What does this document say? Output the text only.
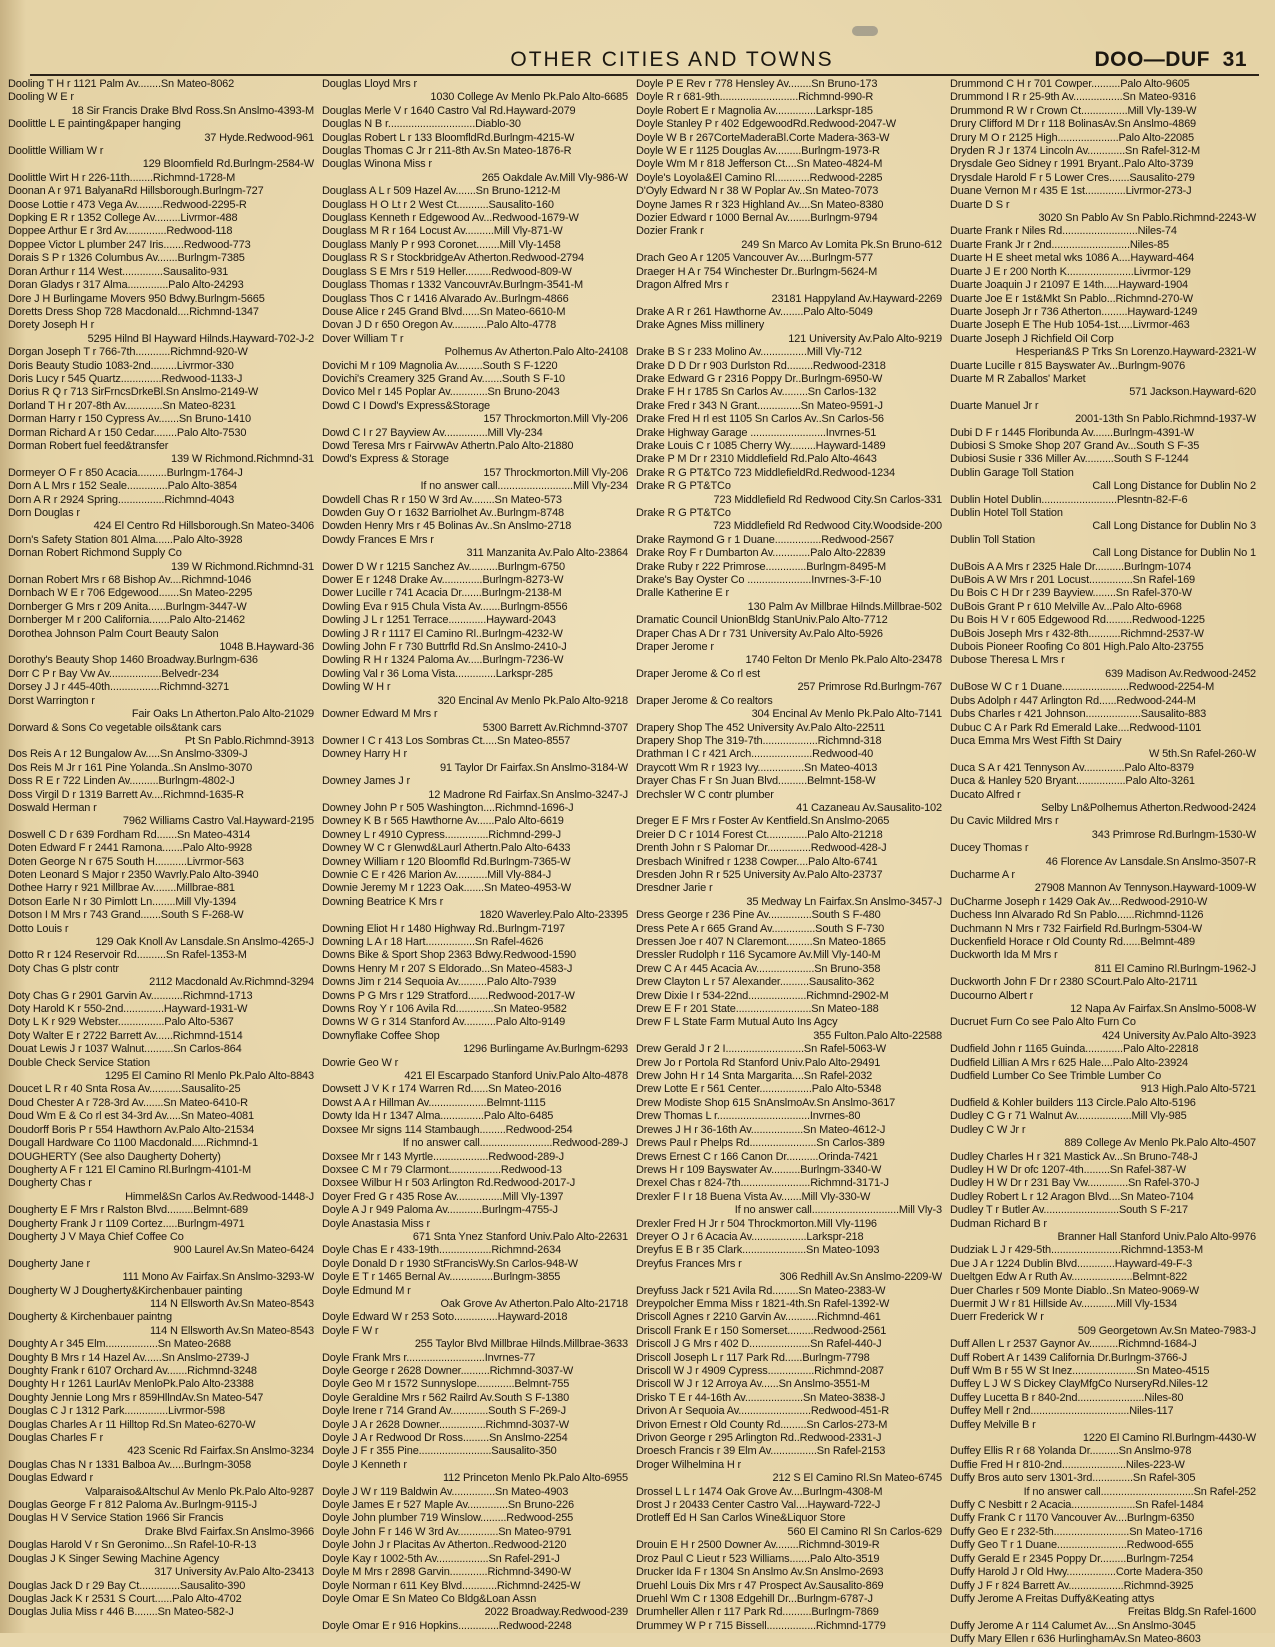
OTHER CITIES AND TOWNS	DOO—DUF 31
Dooling T H r 1121 Palm Av........Sn Mateo-8062
Dooling W E r
18 Sir Francis Drake Blvd Ross.Sn Anslmo-4393-M
Doolittle L E painting&paper hanging
37 Hyde.Redwood-961
Doolittle William W r
129 Bloomfield Rd.Burlngm-2584-W
Doolittle Wirt H r 226-11th........Richmnd-1728-M
Doonan A r 971 BalyanaRd Hillsborough.Burlngm-727
Doose Lottie r 473 Vega Av.........Redwood-2295-R
Dopking E R r 1352 College Av.........Livrmor-488
Doppee Arthur E r 3rd Av..............Redwood-118
Doppee Victor L plumber 247 Iris.......Redwood-773
Dorais S P r 1326 Columbus Av.......Burlngm-7385
Doran Arthur r 114 West..............Sausalito-931
Doran Gladys r 317 Alma..............Palo Alto-24293
Dore J H Burlingame Movers 950 Bdwy.Burlngm-5665
Doretts Dress Shop 728 Macdonald....Richmnd-1347
Dorety Joseph H r
5295 Hilnd Bl Hayward Hilnds.Hayward-702-J-2
Dorgan Joseph T r 766-7th............Richmnd-920-W
Doris Beauty Studio 1083-2nd.........Livrmor-330
Doris Lucy r 545 Quartz..............Redwood-1133-J
Dorius R Q r 713 SirFrncsDrkeBl.Sn Anslmo-2149-W
Dorland T H r 207-8th Av.............Sn Mateo-8231
Dorman Harry r 150 Cypress Av.......Sn Bruno-1410
Dorman Richard A r 150 Cedar........Palo Alto-7530
Dorman Robert fuel feed&transfer
139 W Richmond.Richmnd-31
Dormeyer O F r 850 Acacia..........Burlngm-1764-J
Dorn A L Mrs r 152 Seale..............Palo Alto-3854
Dorn A R r 2924 Spring................Richmnd-4043
Dorn Douglas r
424 El Centro Rd Hillsborough.Sn Mateo-3406
Dorn's Safety Station 801 Alma......Palo Alto-3928
Dornan Robert Richmond Supply Co
139 W Richmond.Richmnd-31
Dornan Robert Mrs r 68 Bishop Av....Richmnd-1046
Dornbach W E r 706 Edgewood.......Sn Mateo-2295
Dornberger G Mrs r 209 Anita......Burlngm-3447-W
Dornberger M r 200 California.......Palo Alto-21462
Dorothea Johnson Palm Court Beauty Salon
1048 B.Hayward-36
Dorothy's Beauty Shop 1460 Broadway.Burlngm-636
Dorr C P r Bay Vw Av..................Belvedr-234
Dorsey J J r 445-40th.................Richmnd-3271
Dorst Warrington r
Fair Oaks Ln Atherton.Palo Alto-21029
Dorward & Sons Co vegetable oils&tank cars
Pt Sn Pablo.Richmnd-3913
Dos Reis A r 12 Bungalow Av.....Sn Anslmo-3309-J
Dos Reis M Jr r 161 Pine Yolanda..Sn Anslmo-3070
Doss R E r 722 Linden Av..........Burlngm-4802-J
Doss Virgil D r 1319 Barrett Av....Richmnd-1635-R
Doswald Herman r
7962 Williams Castro Val.Hayward-2195
Doswell C D r 639 Fordham Rd.......Sn Mateo-4314
Doten Edward F r 2441 Ramona.......Palo Alto-9928
Doten George N r 675 South H...........Livrmor-563
Doten Leonard S Major r 2350 Wavrly.Palo Alto-3940
Dothee Harry r 921 Millbrae Av........Millbrae-881
Dotson Earle N r 30 Pimlott Ln........Mill Vly-1394
Dotson I M Mrs r 743 Grand.......South S F-268-W
Dotto Louis r
129 Oak Knoll Av Lansdale.Sn Anslmo-4265-J
Dotto R r 124 Reservoir Rd..........Sn Rafel-1353-M
Doty Chas G plstr contr
2112 Macdonald Av.Richmnd-3294
Doty Chas G r 2901 Garvin Av...........Richmnd-1713
Doty Harold K r 550-2nd..............Hayward-1931-W
Doty L K r 929 Webster................Palo Alto-5367
Doty Walter E r 2722 Barrett Av......Richmnd-1514
Douat Lewis J r 1037 Walnut..........Sn Carlos-864
Double Check Service Station
1295 El Camino Rl Menlo Pk.Palo Alto-8843
Doucet L R r 40 Snta Rosa Av...........Sausalito-25
Doud Chester A r 728-3rd Av.......Sn Mateo-6410-R
Doud Wm E & Co rl est 34-3rd Av.....Sn Mateo-4081
Doudorff Boris P r 554 Hawthorn Av.Palo Alto-21534
Dougall Hardware Co 1100 Macdonald.....Richmnd-1
DOUGHERTY (See also Daugherty Doherty)
Dougherty A F r 121 El Camino Rl.Burlngm-4101-M
Dougherty Chas r
Himmel&Sn Carlos Av.Redwood-1448-J
Dougherty E F Mrs r Ralston Blvd.........Belmnt-689
Dougherty Frank J r 1109 Cortez.....Burlngm-4971
Dougherty J V Maya Chief Coffee Co
900 Laurel Av.Sn Mateo-6424
Dougherty Jane r
111 Mono Av Fairfax.Sn Anslmo-3293-W
Dougherty W J Dougherty&Kirchenbauer painting
114 N Ellsworth Av.Sn Mateo-8543
Dougherty & Kirchenbauer paintng
114 N Ellsworth Av.Sn Mateo-8543
Doughty A r 345 Elm..................Sn Mateo-2688
Doughty B Mrs r 14 Hazel Av......Sn Anslmo-2739-J
Doughty Frank r 6107 Orchard Av.......Richmnd-3248
Doughty H r 1261 LaurlAv MenloPk.Palo Alto-23388
Doughty Jennie Long Mrs r 859HllndAv.Sn Mateo-547
Douglas C J r 1312 Park...............Livrmor-598
Douglas Charles A r 11 Hilltop Rd.Sn Mateo-6270-W
Douglas Charles F r
423 Scenic Rd Fairfax.Sn Anslmo-3234
Douglas Chas N r 1331 Balboa Av.....Burlngm-3058
Douglas Edward r
Valparaiso&Altschul Av Menlo Pk.Palo Alto-9287
Douglas George F r 812 Paloma Av..Burlngm-9115-J
Douglas H V Service Station 1966 Sir Francis
Drake Blvd Fairfax.Sn Anslmo-3966
Douglas Harold V r Sn Geronimo...Sn Rafel-10-R-13
Douglas J K Singer Sewing Machine Agency
317 University Av.Palo Alto-23413
Douglas Jack D r 29 Bay Ct..............Sausalito-390
Douglas Jack K r 2531 S Court......Palo Alto-4702
Douglas Julia Miss r 446 B........Sn Mateo-582-J
Douglas Lloyd Mrs r
1030 College Av Menlo Pk.Palo Alto-6685
Douglas Merle V r 1640 Castro Val Rd.Hayward-2079
Douglas N B r..............................Diablo-30
Douglas Robert L r 133 BloomfldRd.Burlngm-4215-W
Douglas Thomas C Jr r 211-8th Av.Sn Mateo-1876-R
Douglas Winona Miss r
265 Oakdale Av.Mill Vly-986-W
Douglass A L r 509 Hazel Av.......Sn Bruno-1212-M
Douglass H O Lt r 2 West Ct...........Sausalito-160
Douglass Kenneth r Edgewood Av...Redwood-1679-W
Douglass M R r 164 Locust Av..........Mill Vly-871-W
Douglass Manly P r 993 Coronet........Mill Vly-1458
Douglass R S r StockbridgeAv Atherton.Redwood-2794
Douglass S E Mrs r 519 Heller.........Redwood-809-W
Douglass Thomas r 1332 VancouvrAv.Burlngm-3541-M
Douglass Thos C r 1416 Alvarado Av..Burlngm-4866
Douse Alice r 245 Grand Blvd......Sn Mateo-6610-M
Dovan J D r 650 Oregon Av............Palo Alto-4778
Dover William T r
Polhemus Av Atherton.Palo Alto-24108
Dovichi M r 109 Magnolia Av.........South S F-1220
Dovichi's Creamery 325 Grand Av.......South S F-10
Dovico Mel r 145 Poplar Av.............Sn Bruno-2043
Dowd C I Dowd's Express&Storage
157 Throckmorton.Mill Vly-206
Dowd C I r 27 Bayview Av...............Mill Vly-234
Dowd Teresa Mrs r FairvwAv Athertn.Palo Alto-21880
Dowd's Express & Storage
157 Throckmorton.Mill Vly-206
If no answer call..........................Mill Vly-234
Dowdell Chas R r 150 W 3rd Av........Sn Mateo-573
Dowden Guy O r 1632 Barriolhet Av..Burlngm-8748
Dowden Henry Mrs r 45 Bolinas Av..Sn Anslmo-2718
Dowdy Frances E Mrs r
311 Manzanita Av.Palo Alto-23864
Dower D W r 1215 Sanchez Av..........Burlngm-6750
Dower E r 1248 Drake Av..............Burlngm-8273-W
Dower Lucille r 741 Acacia Dr.......Burlngm-2138-M
Dowling Eva r 915 Chula Vista Av.......Burlngm-8556
Dowling J L r 1251 Terrace.............Hayward-2043
Dowling J R r 1117 El Camino Rl..Burlngm-4232-W
Dowling John F r 730 Buttrfld Rd.Sn Anslmo-2410-J
Dowling R H r 1324 Paloma Av.....Burlngm-7236-W
Dowling Val r 36 Loma Vista..............Larkspr-285
Dowling W H r
320 Encinal Av Menlo Pk.Palo Alto-9218
Downer Edward M Mrs r
5300 Barrett Av.Richmnd-3707
Downer I C r 413 Los Sombras Ct.....Sn Mateo-8557
Downey Harry H r
91 Taylor Dr Fairfax.Sn Anslmo-3184-W
Downey James J r
12 Madrone Rd Fairfax.Sn Anslmo-3247-J
Downey John P r 505 Washington....Richmnd-1696-J
Downey K B r 565 Hawthorne Av......Palo Alto-6619
Downey L r 4910 Cypress...............Richmnd-299-J
Downey W C r Glenwd&Laurl Athertn.Palo Alto-6433
Downey William r 120 Bloomfld Rd.Burlngm-7365-W
Downie C E r 426 Marion Av...........Mill Vly-884-J
Downie Jeremy M r 1223 Oak.......Sn Mateo-4953-W
Downing Beatrice K Mrs r
1820 Waverley.Palo Alto-23395
Downing Eliot H r 1480 Highway Rd..Burlngm-7197
Downing L A r 18 Hart.................Sn Rafel-4626
Downs Bike & Sport Shop 2363 Bdwy.Redwood-1590
Downs Henry M r 207 S Eldorado...Sn Mateo-4583-J
Downs Jim r 214 Sequoia Av..........Palo Alto-7939
Downs P G Mrs r 129 Stratford.......Redwood-2017-W
Downs Roy Y r 106 Avila Rd.............Sn Mateo-9582
Downs W G r 314 Stanford Av...........Palo Alto-9149
Downyflake Coffee Shop
1296 Burlingame Av.Burlngm-6293
Dowrie Geo W r
421 El Escarpado Stanford Univ.Palo Alto-4878
Dowsett J V K r 174 Warren Rd......Sn Mateo-2016
Dowst A A r Hillman Av....................Belmnt-1115
Dowty Ida H r 1347 Alma...............Palo Alto-6485
Doxsee Mr signs 114 Stambaugh.........Redwood-254
If no answer call.........................Redwood-289-J
Doxsee Mr r 143 Myrtle...................Redwood-289-J
Doxsee C M r 79 Clarmont..................Redwood-13
Doxsee Wilbur H r 503 Arlington Rd.Redwood-2017-J
Doyer Fred G r 435 Rose Av................Mill Vly-1397
Doyle A J r 949 Paloma Av............Burlngm-4755-J
Doyle Anastasia Miss r
671 Snta Ynez Stanford Univ.Palo Alto-22631
Doyle Chas E r 433-19th..................Richmnd-2634
Doyle Donald D r 1930 StFrancisWy.Sn Carlos-948-W
Doyle E T r 1465 Bernal Av...............Burlngm-3855
Doyle Edmund M r
Oak Grove Av Atherton.Palo Alto-21718
Doyle Edward W r 253 Soto...............Hayward-2018
Doyle F W r
255 Taylor Blvd Millbrae Hilnds.Millbrae-3633
Doyle Frank Mrs r...........................Invrnes-77
Doyle George r 2628 Downer..........Richmnd-3037-W
Doyle Geo M r 1572 Sunnyslope.............Belmnt-755
Doyle Geraldine Mrs r 562 Railrd Av.South S F-1380
Doyle Irene r 714 Grand Av.............South S F-269-J
Doyle J A r 2628 Downer................Richmnd-3037-W
Doyle J A r Redwood Dr Ross.........Sn Anslmo-2254
Doyle J F r 355 Pine.........................Sausalito-350
Doyle J Kenneth r
112 Princeton Menlo Pk.Palo Alto-6955
Doyle J W r 119 Baldwin Av...............Sn Mateo-4903
Doyle James E r 527 Maple Av..............Sn Bruno-226
Doyle John plumber 719 Winslow.........Redwood-255
Doyle John F r 146 W 3rd Av..............Sn Mateo-9791
Doyle John J r Placitas Av Atherton..Redwood-2120
Doyle Kay r 1002-5th Av..................Sn Rafel-291-J
Doyle M Mrs r 2898 Garvin.............Richmnd-3490-W
Doyle Norman r 611 Key Blvd............Richmnd-2425-W
Doyle Omar E Sn Mateo Co Bldg&Loan Assn
2022 Broadway.Redwood-239
Doyle Omar E r 916 Hopkins..............Redwood-2248
Doyle P E Rev r 778 Hensley Av........Sn Bruno-173
Doyle R r 681-9th...........................Richmnd-990-R
Doyle Robert E r Magnolia Av..............Larkspr-185
Doyle Stanley P r 402 EdgewoodRd.Redwood-2047-W
Doyle W B r 267CorteMaderaBl.Corte Madera-363-W
Doyle W E r 1125 Douglas Av.........Burlngm-1973-R
Doyle Wm M r 818 Jefferson Ct....Sn Mateo-4824-M
Doyle's Loyola&El Camino Rl............Redwood-2285
D'Oyly Edward N r 38 W Poplar Av..Sn Mateo-7073
Doyne James R r 323 Highland Av....Sn Mateo-8380
Dozier Edward r 1000 Bernal Av........Burlngm-9794
Dozier Frank r
249 Sn Marco Av Lomita Pk.Sn Bruno-612
Drach Geo A r 1205 Vancouver Av.....Burlngm-577
Draeger H A r 754 Winchester Dr..Burlngm-5624-M
Dragon Alfred Mrs r
23181 Happyland Av.Hayward-2269
Drake A R r 261 Hawthorne Av........Palo Alto-5049
Drake Agnes Miss millinery
121 University Av.Palo Alto-9219
Drake B S r 233 Molino Av................Mill Vly-712
Drake D D Dr r 903 Durlston Rd.........Redwood-2318
Drake Edward G r 2316 Poppy Dr..Burlngm-6950-W
Drake F H r 1785 Sn Carlos Av.........Sn Carlos-132
Drake Fred r 343 N Grant...............Sn Mateo-9591-J
Drake Fred H rl est 1105 Sn Carlos Av..Sn Carlos-56
Drake Highway Garage ..........................Invrnes-51
Drake Louis C r 1085 Cherry Wy.........Hayward-1489
Drake P M Dr r 2310 Middlefield Rd.Palo Alto-4643
Drake R G PT&TCo 723 MiddlefieldRd.Redwood-1234
Drake R G PT&TCo
723 Middlefield Rd Redwood City.Sn Carlos-331
Drake R G PT&TCo
723 Middlefield Rd Redwood City.Woodside-200
Drake Raymond G r 1 Duane................Redwood-2567
Drake Roy F r Dumbarton Av.............Palo Alto-22839
Drake Ruby r 222 Primrose..............Burlngm-8495-M
Drake's Bay Oyster Co ......................Invrnes-3-F-10
Dralle Katherine E r
130 Palm Av Millbrae Hilnds.Millbrae-502
Dramatic Council UnionBldg StanUniv.Palo Alto-7712
Draper Chas A Dr r 731 University Av.Palo Alto-5926
Draper Jerome r
1740 Felton Dr Menlo Pk.Palo Alto-23478
Draper Jerome & Co rl est
257 Primrose Rd.Burlngm-767
Draper Jerome & Co realtors
304 Encinal Av Menlo Pk.Palo Alto-7141
Drapery Shop The 452 University Av.Palo Alto-22511
Drapery Shop The 319-7th...................Richmnd-318
Drathman I C r 421 Arch.....................Redwood-40
Draycott Wm R r 1923 Ivy................Sn Mateo-4013
Drayer Chas F r Sn Juan Blvd..........Belmnt-158-W
Drechsler W C contr plumber
41 Cazaneau Av.Sausalito-102
Dreger E F Mrs r Foster Av Kentfield.Sn Anslmo-2065
Dreier D C r 1014 Forest Ct..............Palo Alto-21218
Drenth John r S Palomar Dr...............Redwood-428-J
Dresbach Winifred r 1238 Cowper....Palo Alto-6741
Dresden John R r 525 University Av.Palo Alto-23737
Dresdner Jarie r
35 Medway Ln Fairfax.Sn Anslmo-3457-J
Dress George r 236 Pine Av...............South S F-480
Dress Pete A r 665 Grand Av...............South S F-730
Dressen Joe r 407 N Claremont.........Sn Mateo-1865
Dressler Rudolph r 116 Sycamore Av.Mill Vly-140-M
Drew C A r 445 Acacia Av....................Sn Bruno-358
Drew Clayton L r 57 Alexander..........Sausalito-362
Drew Dixie I r 534-22nd....................Richmnd-2902-M
Drew E F r 201 State..........................Sn Mateo-188
Drew F L State Farm Mutual Auto Ins Agcy
355 Fulton.Palo Alto-22588
Drew Gerald J r 2 I...........................Sn Rafel-5063-W
Drew Jo r Portola Rd Stanford Univ.Palo Alto-29491
Drew John H r 14 Snta Margarita....Sn Rafel-2032
Drew Lotte E r 561 Center..................Palo Alto-5348
Drew Modiste Shop 615 SnAnslmoAv.Sn Anslmo-3617
Drew Thomas L r................................Invrnes-80
Drewes J H r 36-16th Av..................Sn Mateo-4612-J
Drews Paul r Phelps Rd.......................Sn Carlos-389
Drews Ernest C r 166 Canon Dr...........Orinda-7421
Drews H r 109 Bayswater Av..........Burlngm-3340-W
Drexel Chas r 824-7th........................Richmnd-3171-J
Drexler F I r 18 Buena Vista Av.......Mill Vly-330-W
If no answer call..............................Mill Vly-3
Drexler Fred H Jr r 504 Throckmorton.Mill Vly-1196
Dreyer O J r 6 Acacia Av...................Larkspr-218
Dreyfus E B r 35 Clark......................Sn Mateo-1093
Dreyfus Frances Mrs r
306 Redhill Av.Sn Anslmo-2209-W
Dreyfuss Jack r 521 Avila Rd.........Sn Mateo-2383-W
Dreypolcher Emma Miss r 1821-4th.Sn Rafel-1392-W
Driscoll Agnes r 2210 Garvin Av...........Richmnd-461
Driscoll Frank E r 150 Somerset.........Redwood-2561
Driscoll J G Mrs r 402 D.....................Sn Rafel-440-J
Driscoll Joseph L r 117 Park Rd......Burlngm-7798
Driscoll W J r 4909 Cypress................Richmnd-2087
Driscoll W J r 12 Arroya Av......Sn Anslmo-3551-M
Drisko T E r 44-16th Av....................Sn Mateo-3838-J
Drivon A r Sequoia Av.........................Redwood-451-R
Drivon Ernest r Old County Rd.........Sn Carlos-273-M
Drivon George r 295 Arlington Rd..Redwood-2331-J
Droesch Francis r 39 Elm Av................Sn Rafel-2153
Droger Wilhelmina H r
212 S El Camino Rl.Sn Mateo-6745
Drossel L L r 1474 Oak Grove Av....Burlngm-4308-M
Drost J r 20433 Center Castro Val....Hayward-722-J
Drotleff Ed H San Carlos Wine&Liquor Store
560 El Camino Rl Sn Carlos-629
Drouin E H r 2500 Downer Av........Richmnd-3019-R
Droz Paul C Lieut r 523 Williams.......Palo Alto-3519
Drucker Ida F r 1304 Sn Anslmo Av.Sn Anslmo-2693
Druehl Louis Dix Mrs r 47 Prospect Av.Sausalito-869
Druehl Wm C r 1308 Edgehill Dr...Burlngm-6787-J
Drumheller Allen r 117 Park Rd..........Burlngm-7869
Drummey W P r 715 Bissell.................Richmnd-1779
Drummond C H r 701 Cowper..........Palo Alto-9605
Drummond I R r 25-9th Av.................Sn Mateo-9316
Drummond R W r Crown Ct................Mill Vly-139-W
Drury Clifford M Dr r 118 BolinasAv.Sn Anslmo-4869
Drury M O r 2125 High.....................Palo Alto-22085
Dryden R J r 1374 Lincoln Av.............Sn Rafel-312-M
Drysdale Geo Sidney r 1991 Bryant..Palo Alto-3739
Drysdale Harold F r 5 Lower Cres.......Sausalito-279
Duane Vernon M r 435 E 1st..............Livrmor-273-J
Duarte D S r
3020 Sn Pablo Av Sn Pablo.Richmnd-2243-W
Duarte Frank r Niles Rd..........................Niles-74
Duarte Frank Jr r 2nd...........................Niles-85
Duarte H E sheet metal wks 1086 A....Hayward-464
Duarte J E r 200 North K.......................Livrmor-129
Duarte Joaquin J r 21097 E 14th.....Hayward-1904
Duarte Joe E r 1st&Mkt Sn Pablo...Richmnd-270-W
Duarte Joseph Jr r 736 Atherton.........Hayward-1249
Duarte Joseph E The Hub 1054-1st.....Livrmor-463
Duarte Joseph J Richfield Oil Corp
Hesperian&S P Trks Sn Lorenzo.Hayward-2321-W
Duarte Lucille r 815 Bayswater Av...Burlngm-9076
Duarte M R Zaballos' Market
571 Jackson.Hayward-620
Duarte Manuel Jr r
2001-13th Sn Pablo.Richmnd-1937-W
Dubi D F r 1445 Floribunda Av.......Burlngm-4391-W
Dubiosi S Smoke Shop 207 Grand Av...South S F-35
Dubiosi Susie r 336 Miller Av..........South S F-1244
Dublin Garage Toll Station
Call Long Distance for Dublin No 2
Dublin Hotel Dublin..........................Plesntn-82-F-6
Dublin Hotel Toll Station
Call Long Distance for Dublin No 3
Dublin Toll Station
Call Long Distance for Dublin No 1
DuBois A A Mrs r 2325 Hale Dr..........Burlngm-1074
DuBois A W Mrs r 201 Locust...............Sn Rafel-169
Du Bois C H Dr r 239 Bayview........Sn Rafel-370-W
DuBois Grant P r 610 Melville Av...Palo Alto-6968
Du Bois H V r 605 Edgewood Rd.........Redwood-1225
DuBois Joseph Mrs r 432-8th...........Richmnd-2537-W
Dubois Pioneer Roofing Co 801 High.Palo Alto-23755
Dubose Theresa L Mrs r
639 Madison Av.Redwood-2452
DuBose W C r 1 Duane.......................Redwood-2254-M
Dubs Adolph r 447 Arlington Rd......Redwood-244-M
Dubs Charles r 421 Johnson...................Sausalito-883
Dubuc C A r Park Rd Emerald Lake....Redwood-1101
Duca Emma Mrs West Fifth St Dairy
W 5th.Sn Rafel-260-W
Duca S A r 421 Tennyson Av..............Palo Alto-8379
Duca & Hanley 520 Bryant.................Palo Alto-3261
Ducato Alfred r
Selby Ln&Polhemus Atherton.Redwood-2424
Du Cavic Mildred Mrs r
343 Primrose Rd.Burlngm-1530-W
Ducey Thomas r
46 Florence Av Lansdale.Sn Anslmo-3507-R
Ducharme A r
27908 Mannon Av Tennyson.Hayward-1009-W
DuCharme Joseph r 1429 Oak Av....Redwood-2910-W
Duchess Inn Alvarado Rd Sn Pablo......Richmnd-1126
Duchmann N Mrs r 732 Fairfield Rd.Burlngm-5304-W
Duckenfield Horace r Old County Rd......Belmnt-489
Duckworth Ida M Mrs r
811 El Camino Rl.Burlngm-1962-J
Duckworth John F Dr r 2380 SCourt.Palo Alto-21711
Ducourno Albert r
12 Napa Av Fairfax.Sn Anslmo-5008-W
Ducruet Furn Co see Palo Alto Furn Co
424 University Av.Palo Alto-3923
Dudfield John r 1165 Guinda.............Palo Alto-22818
Dudfield Lillian A Mrs r 625 Hale....Palo Alto-23924
Dudfield Lumber Co See Trimble Lumber Co
913 High.Palo Alto-5721
Dudfield & Kohler builders 113 Circle.Palo Alto-5196
Dudley C G r 71 Walnut Av...................Mill Vly-985
Dudley C W Jr r
889 College Av Menlo Pk.Palo Alto-4507
Dudley Charles H r 321 Mastick Av...Sn Bruno-748-J
Dudley H W Dr ofc 1207-4th.........Sn Rafel-387-W
Dudley H W Dr r 231 Bay Vw..............Sn Rafel-370-J
Dudley Robert L r 12 Aragon Blvd....Sn Mateo-7104
Dudley T r Butler Av..........................South S F-217
Dudman Richard B r
Branner Hall Stanford Univ.Palo Alto-9976
Dudziak L J r 429-5th........................Richmnd-1353-M
Due J A r 1224 Dublin Blvd.............Hayward-49-F-3
Dueltgen Edw A r Ruth Av.....................Belmnt-822
Duer Charles r 509 Monte Diablo..Sn Mateo-9069-W
Duermit J W r 81 Hillside Av............Mill Vly-1534
Duerr Frederick W r
509 Georgetown Av.Sn Mateo-7983-J
Duff Allen L r 2537 Gaynor Av..........Richmnd-1684-J
Duff Robert A r 1439 California Dr.Burlngm-3766-J
Duff Wm B r 55 W St Inez......................Sn Mateo-4515
Duffey L J W S Dickey ClayMfgCo NurseryRd.Niles-12
Duffey Lucetta B r 840-2nd.......................Niles-80
Duffey Mell r 2nd..................................Niles-117
Duffey Melville B r
1220 El Camino Rl.Burlngm-4430-W
Duffey Ellis R r 68 Yolanda Dr..........Sn Anslmo-978
Duffie Fred H r 810-2nd......................Niles-223-W
Duffy Bros auto serv 1301-3rd..............Sn Rafel-305
If no answer call................................Sn Rafel-252
Duffy C Nesbitt r 2 Acacia......................Sn Rafel-1484
Duffy Frank C r 1170 Vancouver Av....Burlngm-6350
Duffy Geo E r 232-5th..........................Sn Mateo-1716
Duffy Geo T r 1 Duane........................Redwood-655
Duffy Gerald E r 2345 Poppy Dr.........Burlngm-7254
Duffy Harold J r Old Hwy.................Corte Madera-350
Duffy J F r 824 Barrett Av...................Richmnd-3925
Duffy Jerome A Freitas Duffy&Keating attys
Freitas Bldg.Sn Rafel-1600
Duffy Jerome A r 114 Calumet Av....Sn Anslmo-3045
Duffy Mary Ellen r 636 HurlinghamAv.Sn Mateo-8603
